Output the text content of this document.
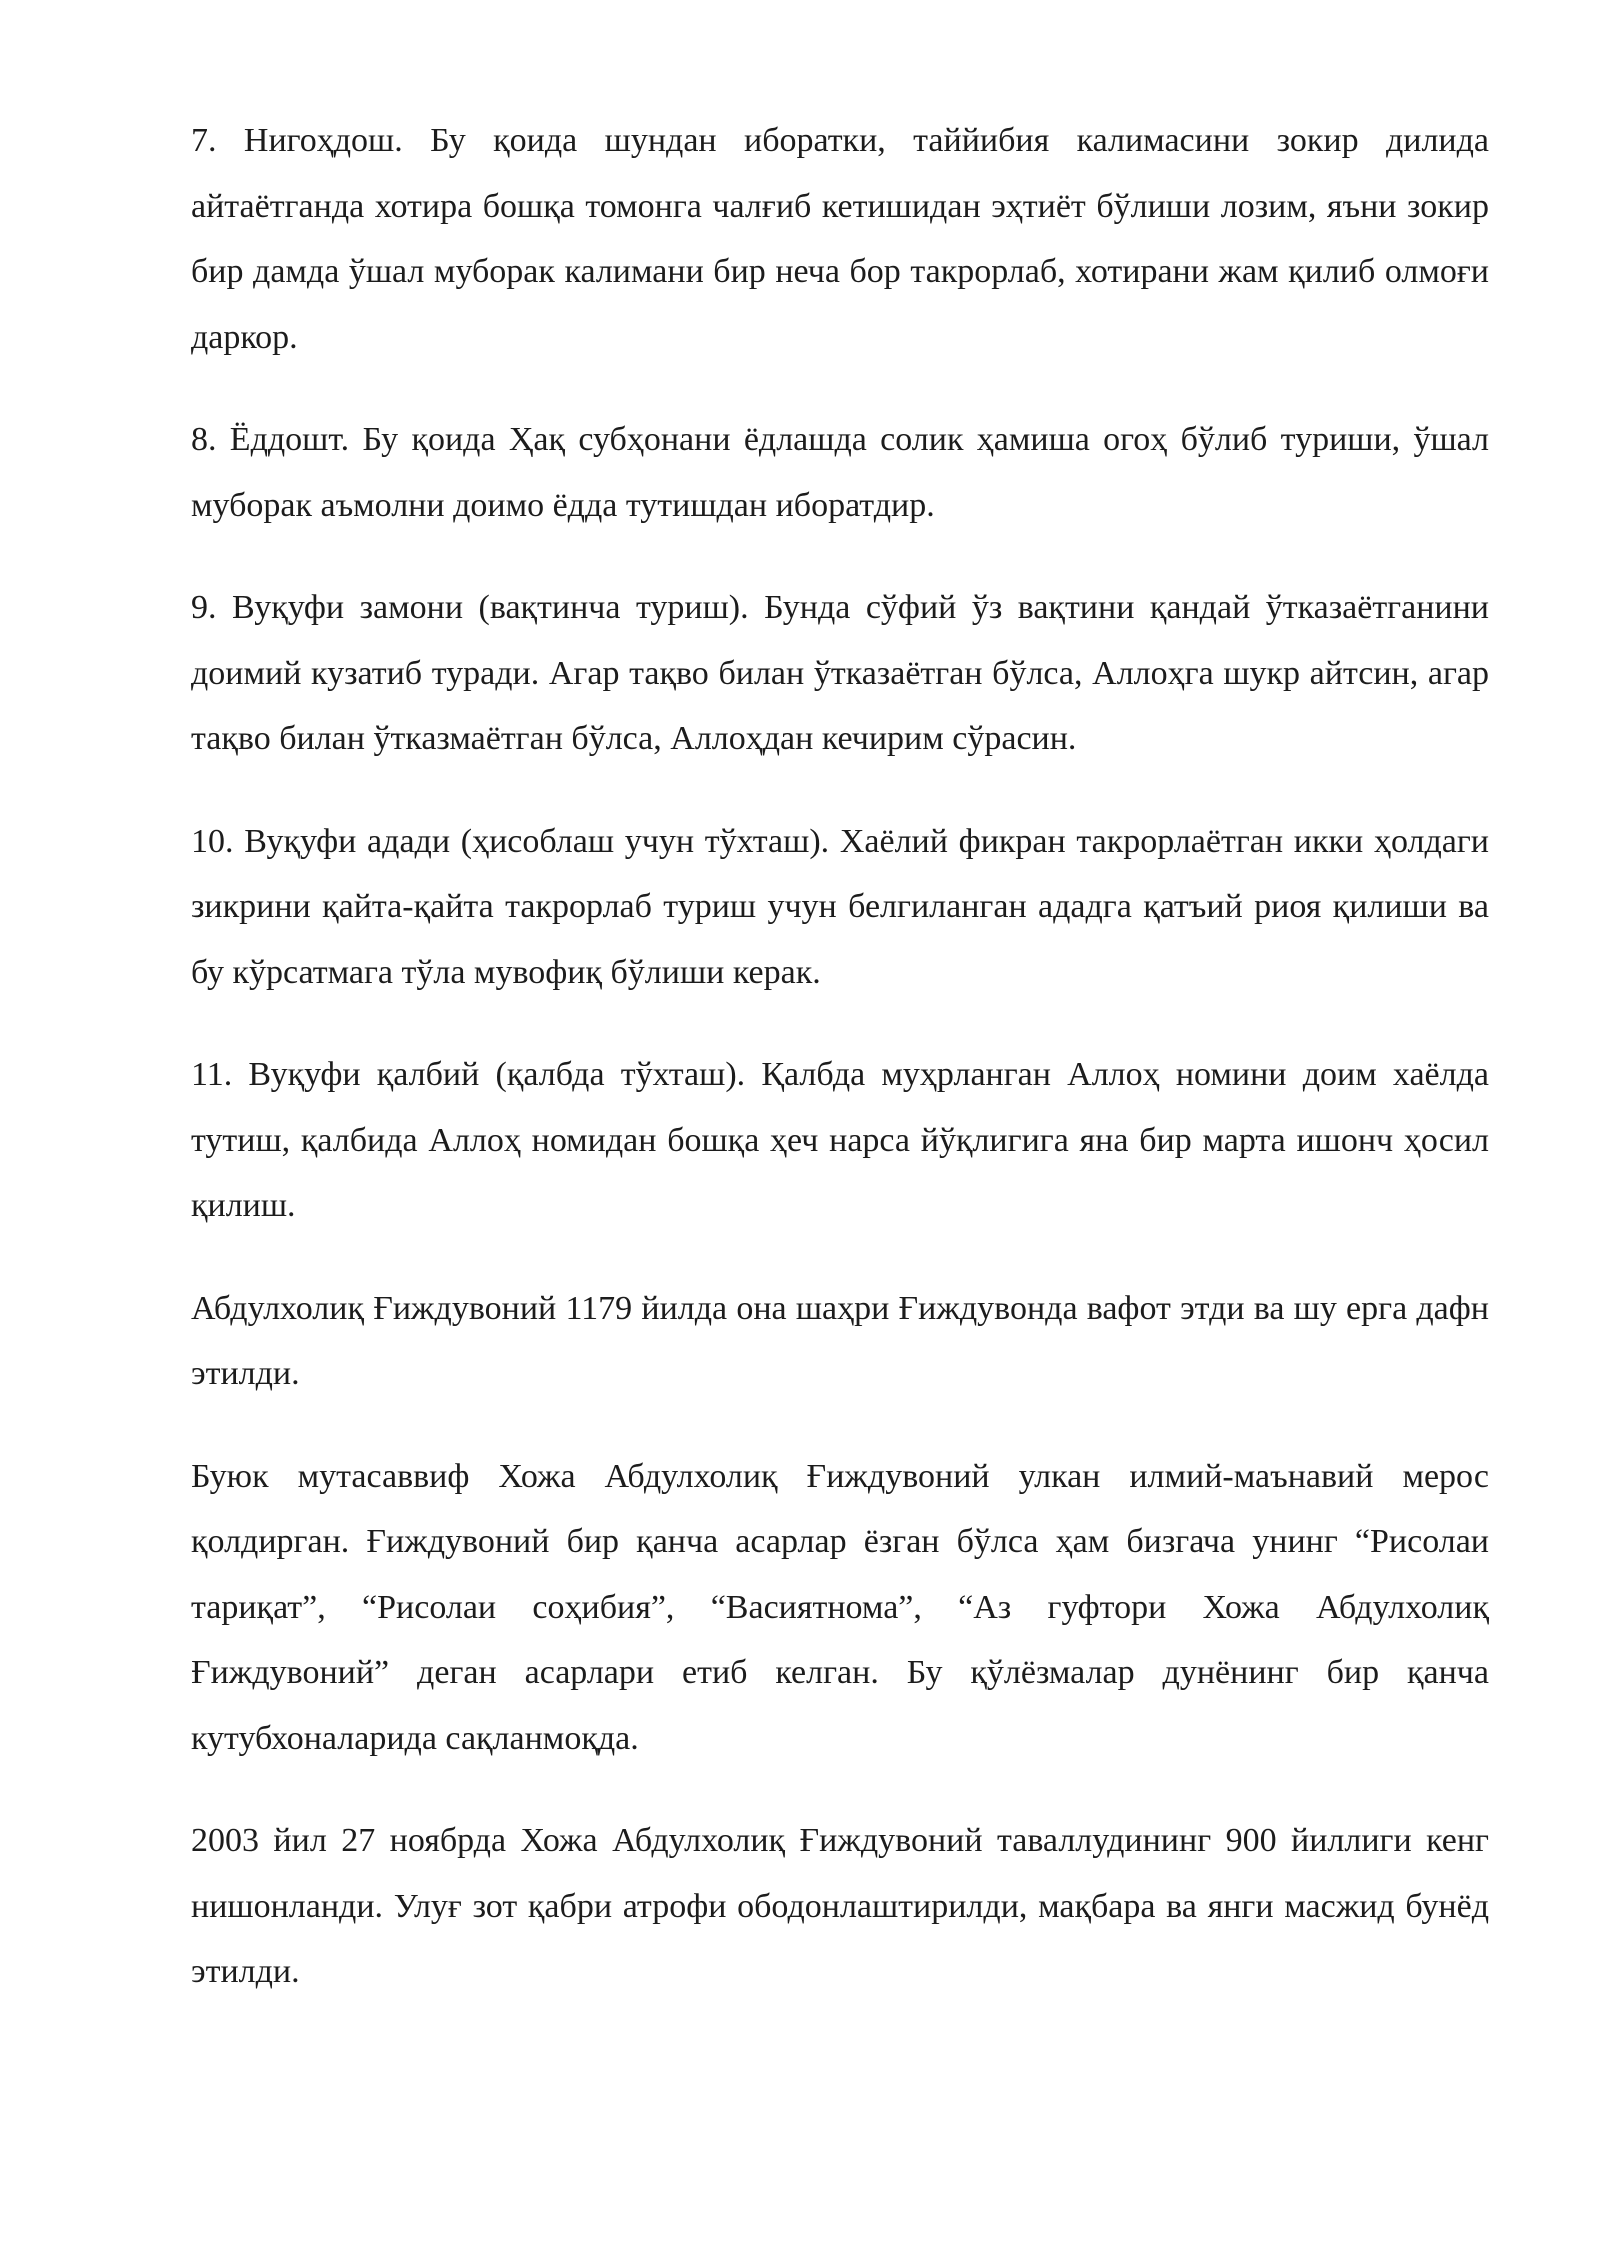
7. Нигоҳдош. Бу қоида шундан иборатки, таййибия калимасини зокир дилида айтаётганда хотира бошқа томонга чалғиб кетишидан эҳтиёт бўлиши лозим, яъни зокир бир дамда ўшал муборак калимани бир неча бор такрорлаб, хотирани жам қилиб олмоғи даркор.

8. Ёддошт. Бу қоида Ҳақ субҳонани ёдлашда солик ҳамиша огоҳ бўлиб туриши, ўшал муборак аъмолни доимо ёдда тутишдан иборатдир.

9. Вуқуфи замони (вақтинча туриш). Бунда сўфий ўз вақтини қандай ўтказаётганини доимий кузатиб туради. Агар тақво билан ўтказаётган бўлса, Аллоҳга шукр айтсин, агар тақво билан ўтказмаётган бўлса, Аллоҳдан кечирим сўрасин.

10. Вуқуфи адади (ҳисоблаш учун тўхташ). Хаёлий фикран такрорлаётган икки ҳолдаги зикрини қайта-қайта такрорлаб туриш учун белгиланган ададга қатъий риоя қилиши ва бу кўрсатмага тўла мувофиқ бўлиши керак.

11. Вуқуфи қалбий (қалбда тўхташ). Қалбда муҳрланган Аллоҳ номини доим хаёлда тутиш, қалбида Аллоҳ номидан бошқа ҳеч нарса йўқлигига яна бир марта ишонч ҳосил қилиш.

Абдулхолиқ Ғиждувоний 1179 йилда она шаҳри Ғиждувонда вафот этди ва шу ерга дафн этилди.

Буюк мутасаввиф Хожа Абдулхолиқ Ғиждувоний улкан илмий-маънавий мерос қолдирган. Ғиждувоний бир қанча асарлар ёзган бўлса ҳам бизгача унинг “Рисолаи тариқат”, “Рисолаи соҳибия”, “Васиятнома”, “Аз гуфтори Хожа Абдулхолиқ Ғиждувоний” деган асарлари етиб келган. Бу қўлёзмалар дунёнинг бир қанча кутубхоналарида сақланмоқда.

2003 йил 27 ноябрда Хожа Абдулхолиқ Ғиждувоний таваллудининг 900 йиллиги кенг нишонланди. Улуғ зот қабри атрофи ободонлаштирилди, мақбара ва янги масжид бунёд этилди.
